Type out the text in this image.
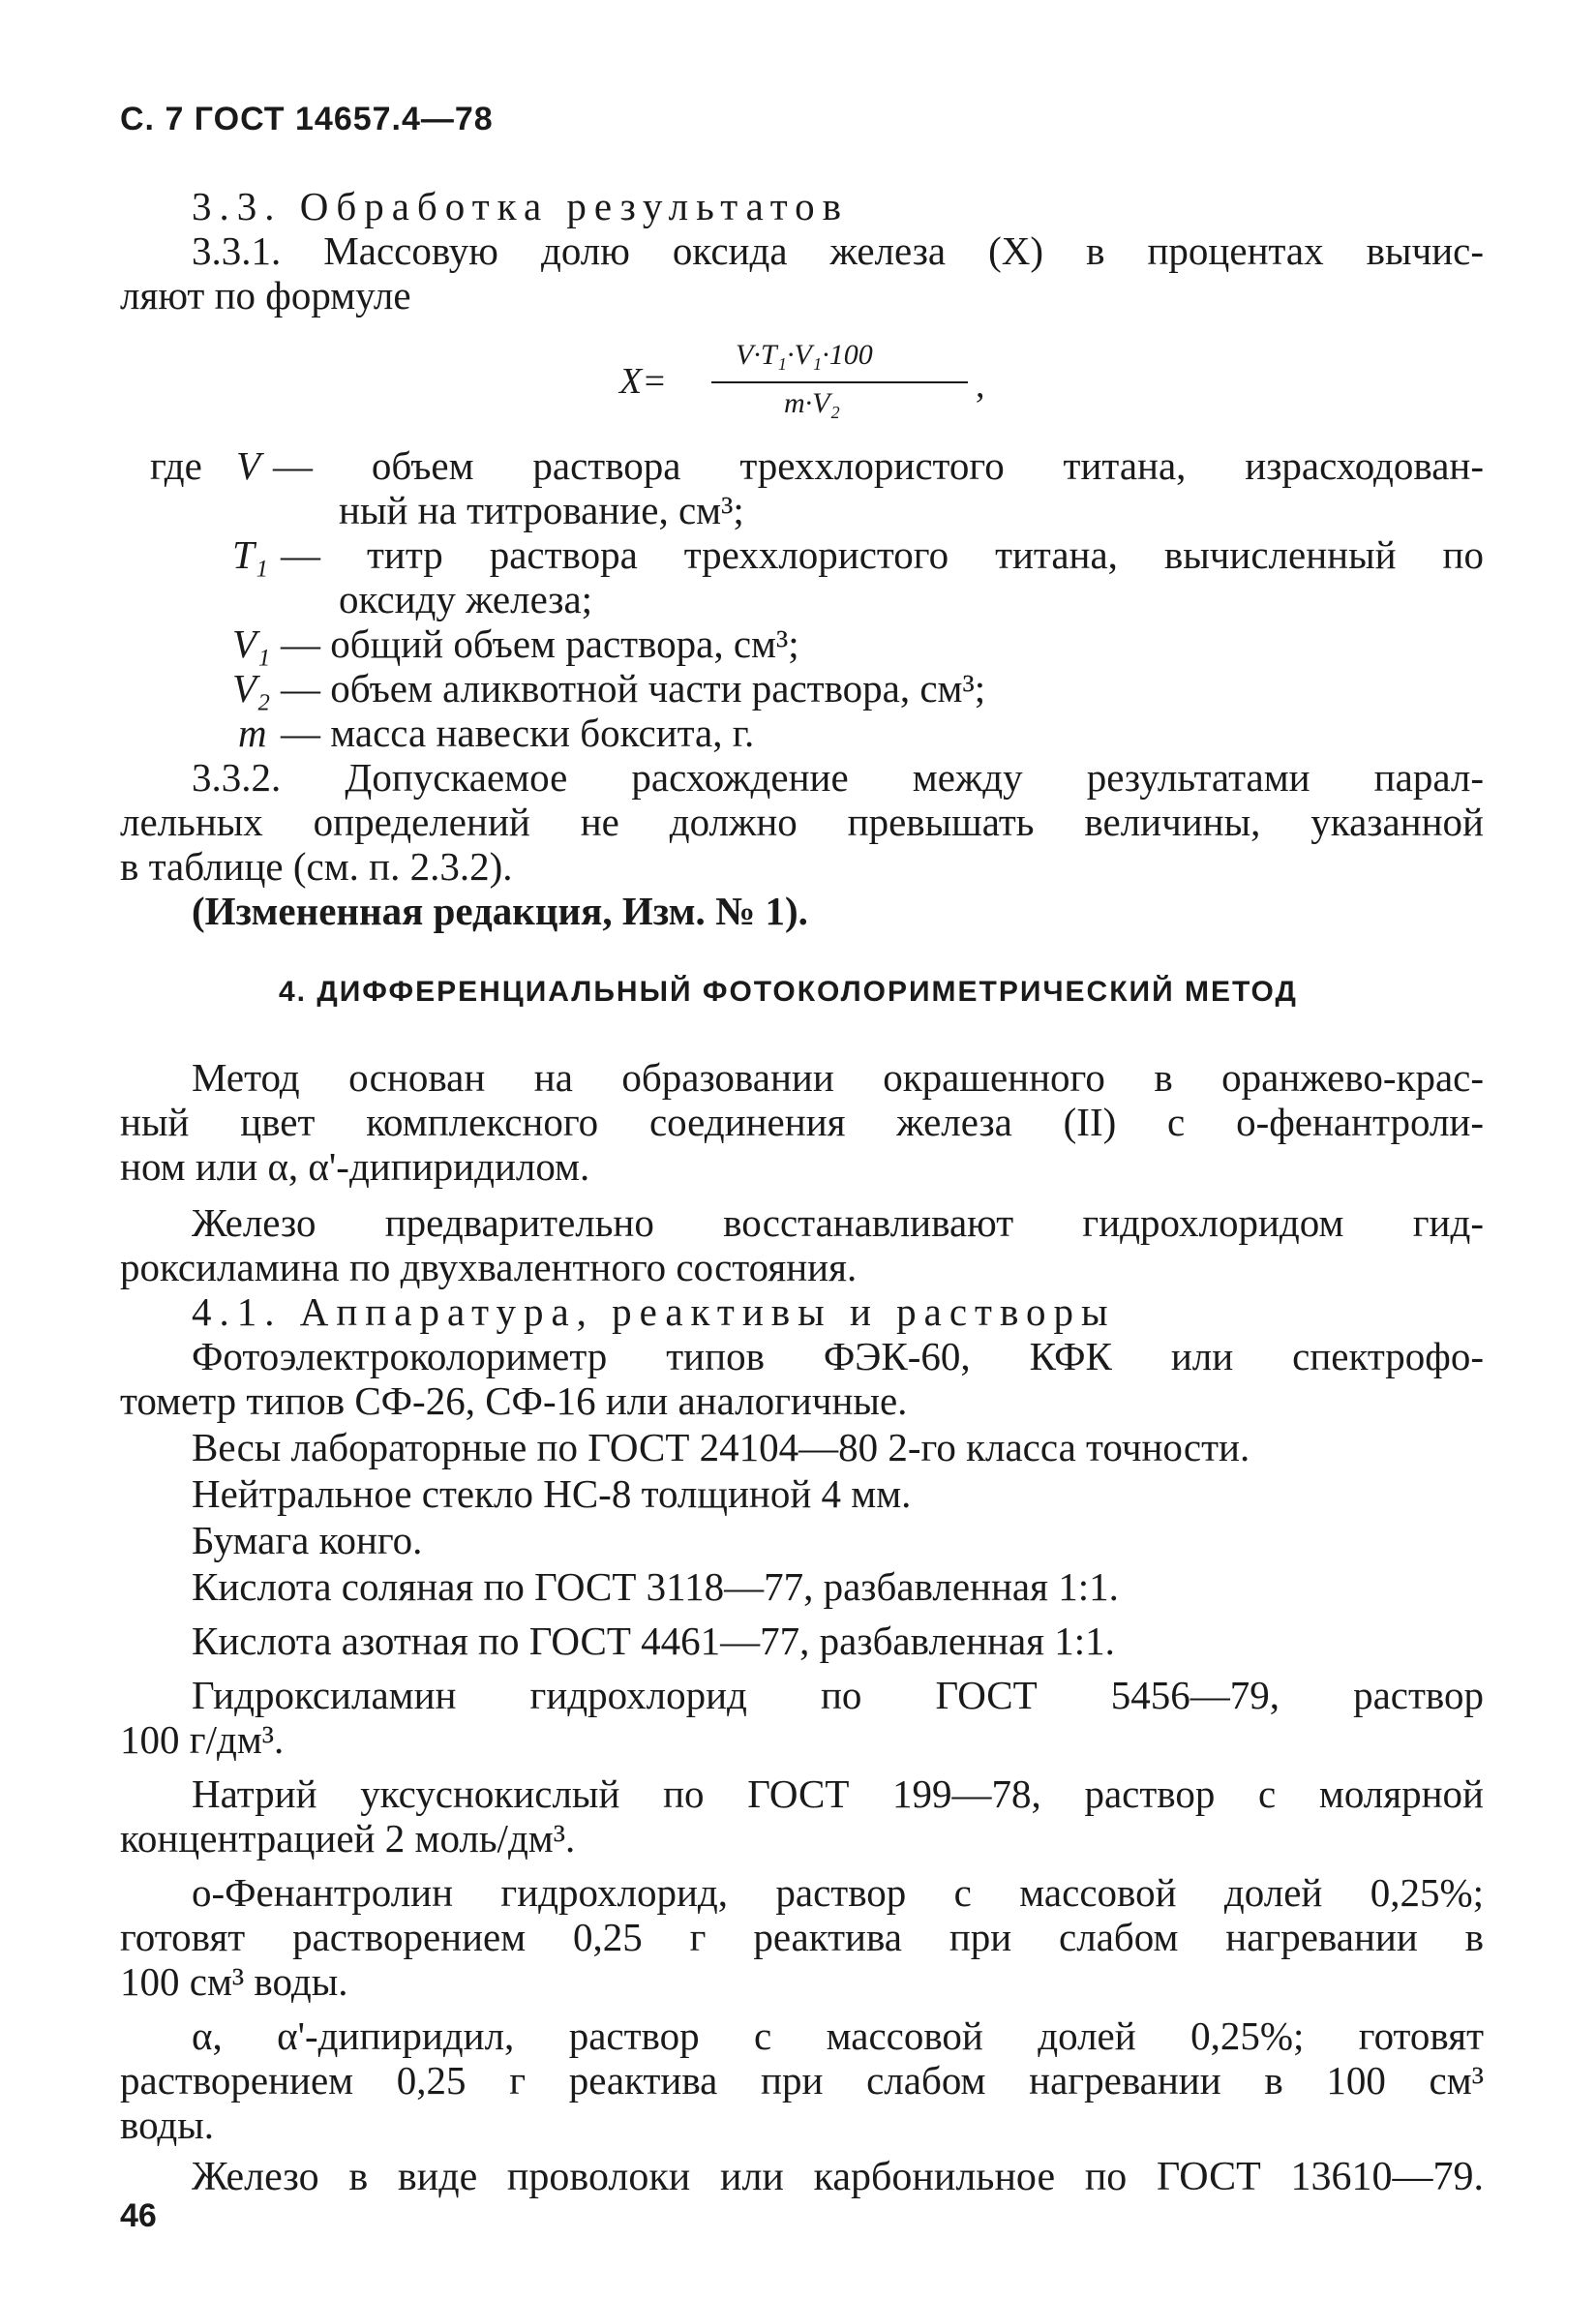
С. 7 ГОСТ 14657.4—78
3.3. Обработка результатов
3.3.1. Массовую долю оксида железа (X) в процентах вычис-
ляют по формуле
X=
V·T₁·V₁·100
m·V₂	,
где V — объем раствора треххлористого титана, израсходован-
ный на титрование, см³;
T₁ — титр раствора треххлористого титана, вычисленный по
оксиду железа;
V₁ — общий объем раствора, см³;
V₂ — объем аликвотной части раствора, см³;
m — масса навески боксита, г.
3.3.2. Допускаемое расхождение между результатами парал-
лельных определений не должно превышать величины, указанной
в таблице (см. п. 2.3.2).
(Измененная редакция, Изм. № 1).
4. ДИФФЕРЕНЦИАЛЬНЫЙ ФОТОКОЛОРИМЕТРИЧЕСКИЙ МЕТОД
Метод основан на образовании окрашенного в оранжево-крас-
ный цвет комплексного соединения железа (II) с о-фенантроли-
ном или α, α'-дипиридилом.
Железо предварительно восстанавливают гидрохлоридом гид-
роксиламина по двухвалентного состояния.
4.1. Аппаратура, реактивы и растворы
Фотоэлектроколориметр типов ФЭК-60, КФК или спектрофо-
тометр типов СФ-26, СФ-16 или аналогичные.
Весы лабораторные по ГОСТ 24104—80 2-го класса точности.
Нейтральное стекло НС-8 толщиной 4 мм.
Бумага конго.
Кислота соляная по ГОСТ 3118—77, разбавленная 1:1.
Кислота азотная по ГОСТ 4461—77, разбавленная 1:1.
Гидроксиламин гидрохлорид по ГОСТ 5456—79, раствор
100 г/дм³.
Натрий уксуснокислый по ГОСТ 199—78, раствор с молярной
концентрацией 2 моль/дм³.
о-Фенантролин гидрохлорид, раствор с массовой долей 0,25%;
готовят растворением 0,25 г реактива при слабом нагревании в
100 см³ воды.
α, α'-дипиридил, раствор с массовой долей 0,25%; готовят
растворением 0,25 г реактива при слабом нагревании в 100 см³
воды.
Железо в виде проволоки или карбонильное по ГОСТ 13610—79.
46
